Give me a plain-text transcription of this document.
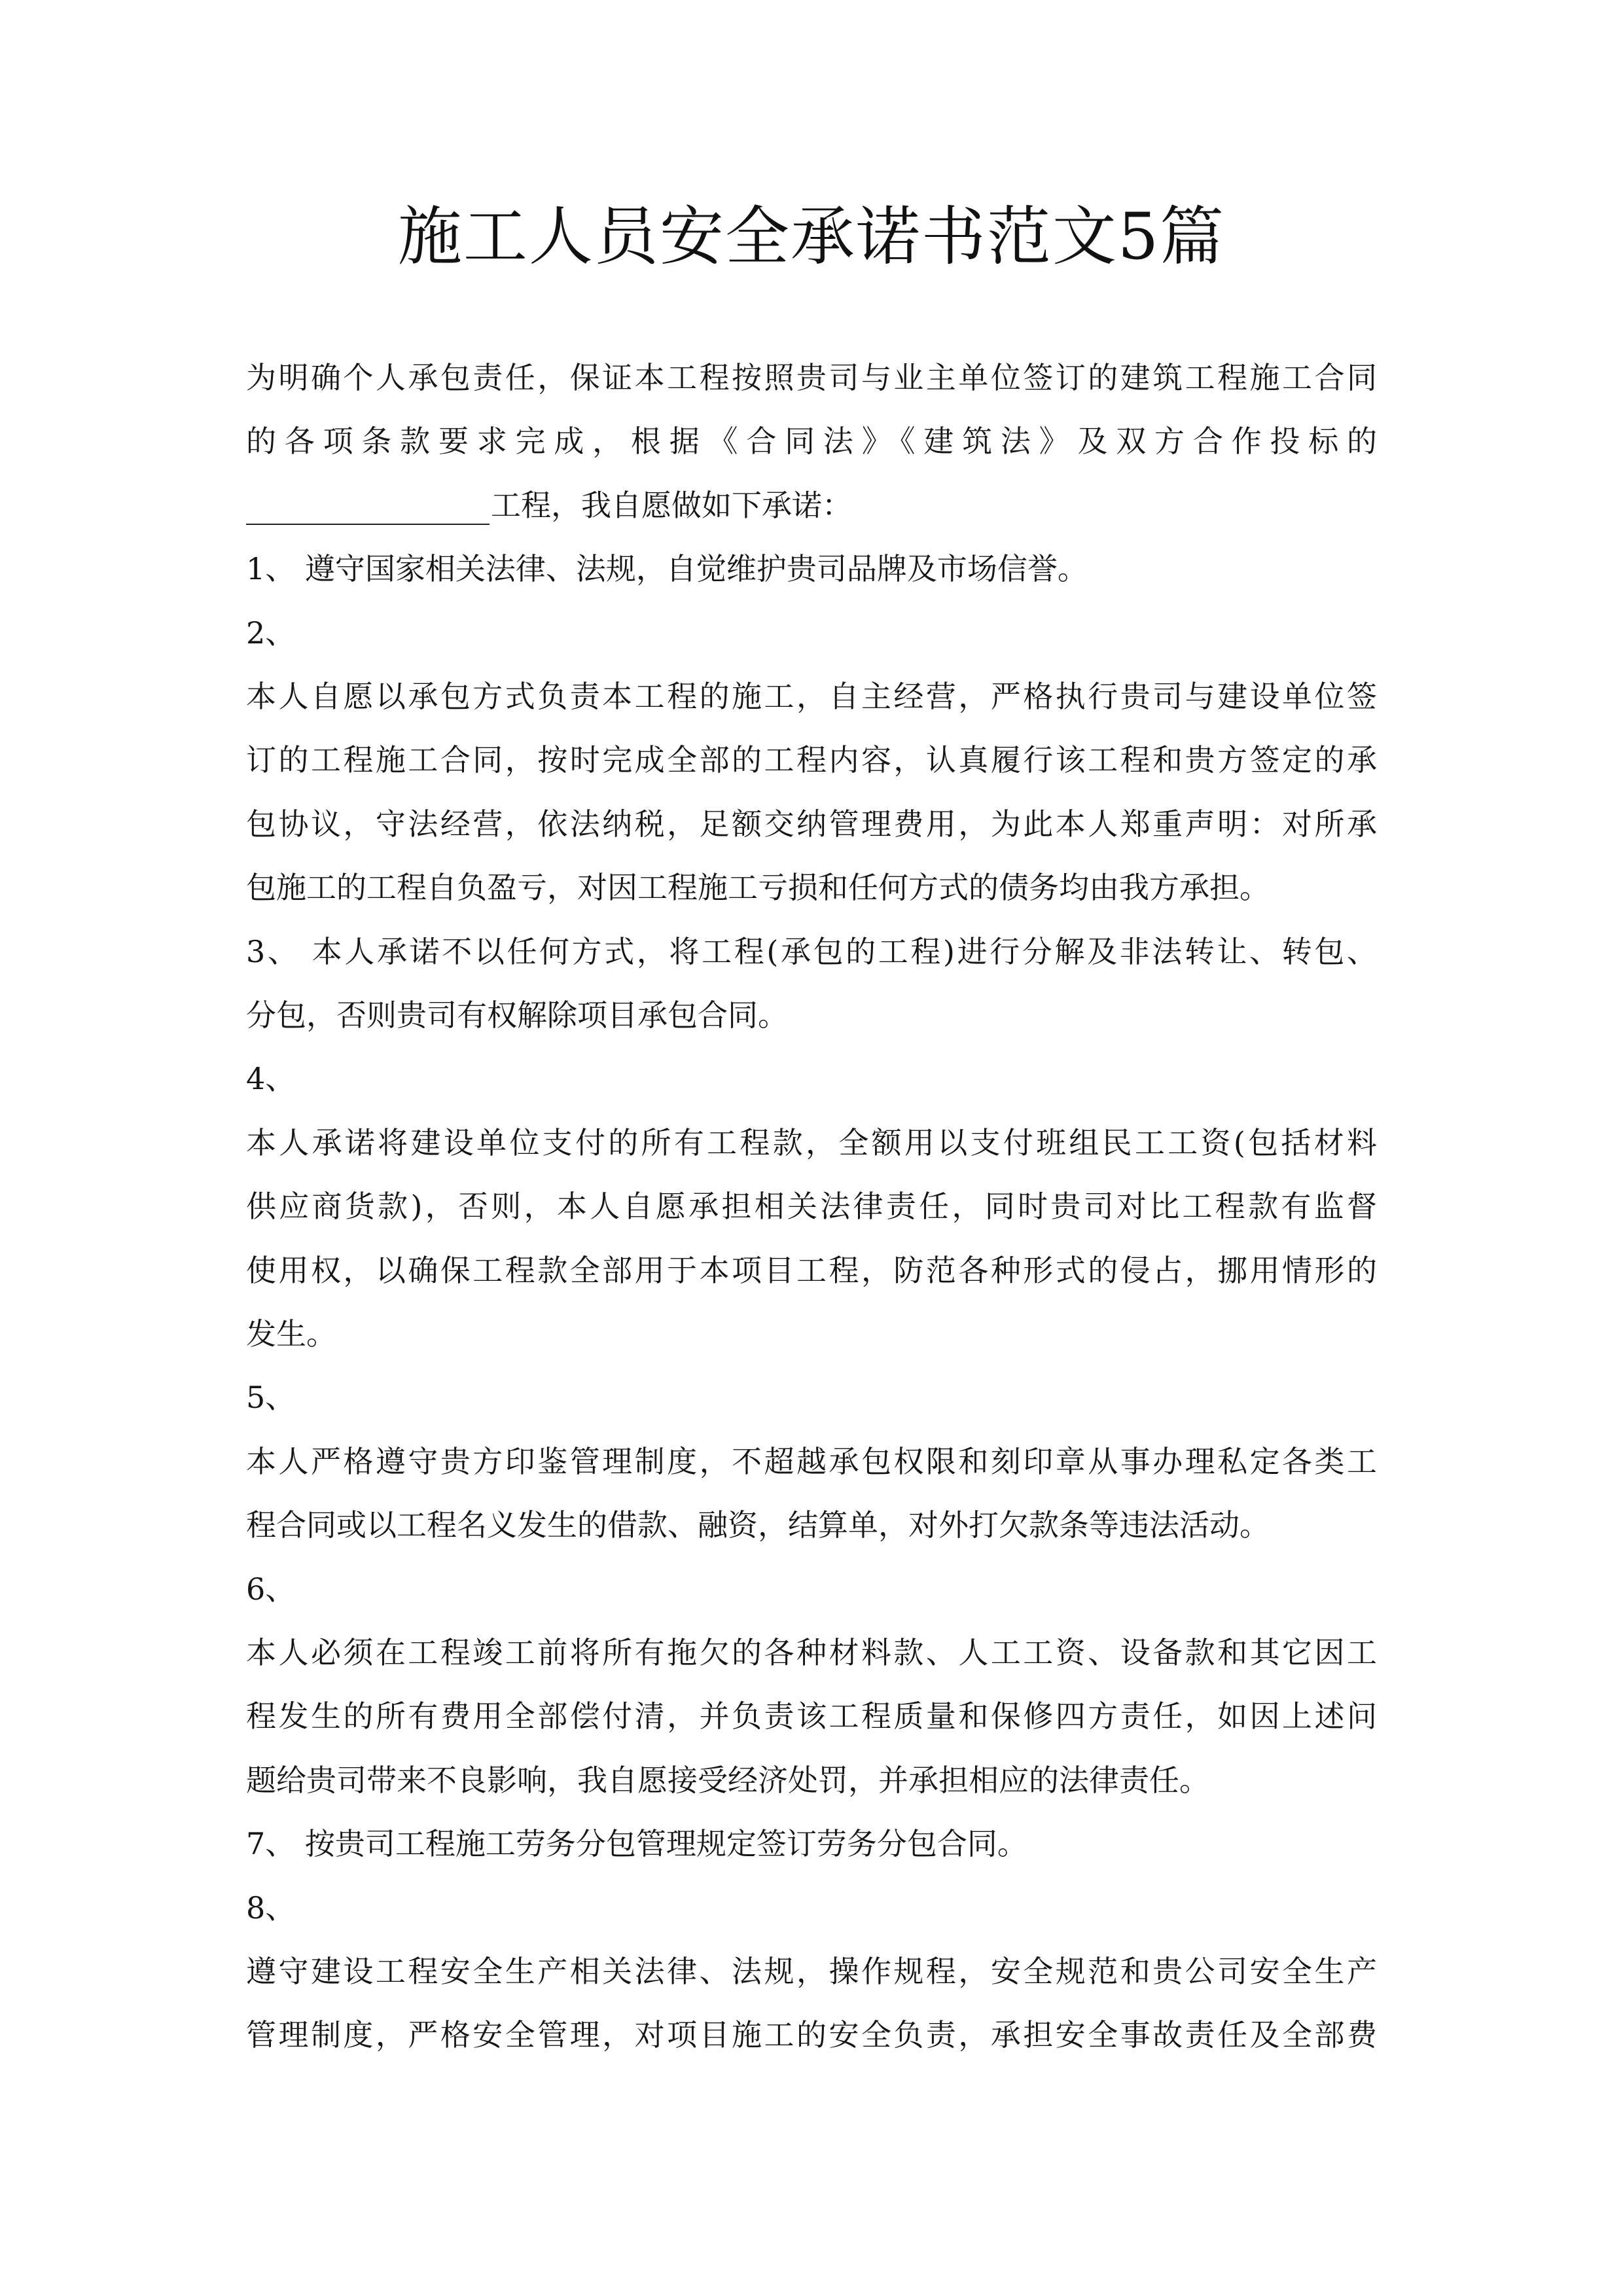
施工人员安全承诺书范文5篇
为明确个人承包责任，保证本工程按照贵司与业主单位签订的建筑工程施工合同
的各项条款要求完成，根据《合同法》《建筑法》及双方合作投标的
工程，我自愿做如下承诺：
1、 遵守国家相关法律、法规，自觉维护贵司品牌及市场信誉。
2、
本人自愿以承包方式负责本工程的施工，自主经营，严格执行贵司与建设单位签
订的工程施工合同，按时完成全部的工程内容，认真履行该工程和贵方签定的承
包协议，守法经营，依法纳税，足额交纳管理费用，为此本人郑重声明：对所承
包施工的工程自负盈亏，对因工程施工亏损和任何方式的债务均由我方承担。
3、 本人承诺不以任何方式，将工程(承包的工程)进行分解及非法转让、转包、
分包，否则贵司有权解除项目承包合同。
4、
本人承诺将建设单位支付的所有工程款，全额用以支付班组民工工资(包括材料
供应商货款)，否则，本人自愿承担相关法律责任，同时贵司对比工程款有监督
使用权，以确保工程款全部用于本项目工程，防范各种形式的侵占，挪用情形的
发生。
5、
本人严格遵守贵方印鉴管理制度，不超越承包权限和刻印章从事办理私定各类工
程合同或以工程名义发生的借款、融资，结算单，对外打欠款条等违法活动。
6、
本人必须在工程竣工前将所有拖欠的各种材料款、人工工资、设备款和其它因工
程发生的所有费用全部偿付清，并负责该工程质量和保修四方责任，如因上述问
题给贵司带来不良影响，我自愿接受经济处罚，并承担相应的法律责任。
7、 按贵司工程施工劳务分包管理规定签订劳务分包合同。
8、
遵守建设工程安全生产相关法律、法规，操作规程，安全规范和贵公司安全生产
管理制度，严格安全管理，对项目施工的安全负责，承担安全事故责任及全部费
